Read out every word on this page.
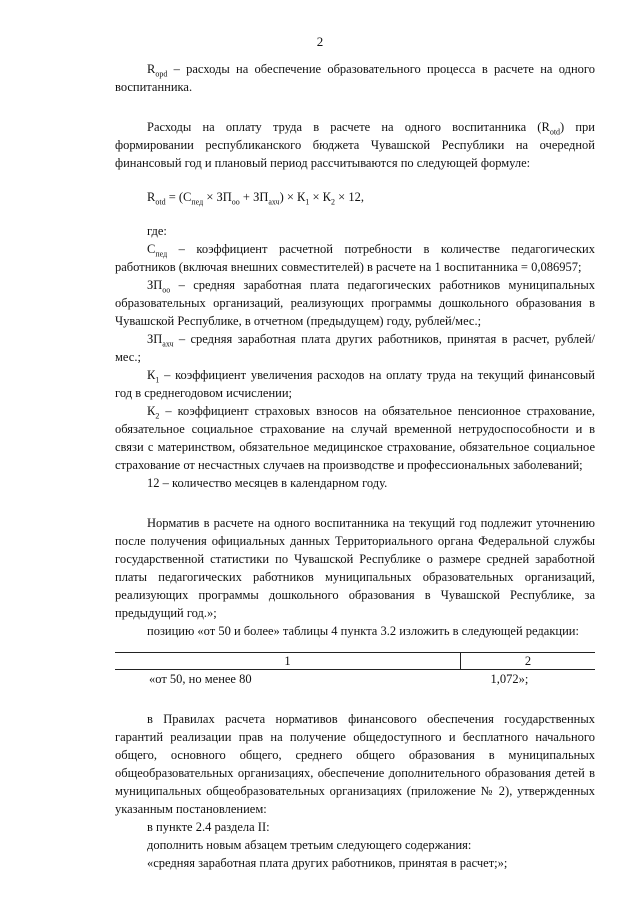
2

$R_{opd}$ – расходы на обеспечение образовательного процесса в расчете на одного воспитанника.

Расходы на оплату труда в расчете на одного воспитанника $(R_{otd})$ при формировании республиканского бюджета Чувашской Республики на очередной финансовый год и плановый период рассчитываются по следующей формуле:

$R_{otd} = (С_{пед} \times ЗП_{оо} + ЗП_{ахч}) \times К_1 \times К_2 \times 12$,

где:

$С_{пед}$ – коэффициент расчетной потребности в количестве педагогических работников (включая внешних совместителей) в расчете на 1 воспитанника = 0,086957;

$ЗП_{оо}$ – средняя заработная плата педагогических работников муниципальных образовательных организаций, реализующих программы дошкольного образования в Чувашской Республике, в отчетном (предыдущем) году, рублей/мес.;

$ЗП_{ахч}$ – средняя заработная плата других работников, принятая в расчет, рублей/мес.;

$К_1$ – коэффициент увеличения расходов на оплату труда на текущий финансовый год в среднегодовом исчислении;

$К_2$ – коэффициент страховых взносов на обязательное пенсионное страхование, обязательное социальное страхование на случай временной нетрудоспособности и в связи с материнством, обязательное медицинское страхование, обязательное социальное страхование от несчастных случаев на производстве и профессиональных заболеваний;

12 – количество месяцев в календарном году.

Норматив в расчете на одного воспитанника на текущий год подлежит уточнению после получения официальных данных Территориального органа Федеральной службы государственной статистики по Чувашской Республике о размере средней заработной платы педагогических работников муниципальных образовательных организаций, реализующих программы дошкольного образования в Чувашской Республике, за предыдущий год.»;

позицию «от 50 и более» таблицы 4 пункта 3.2 изложить в следующей редакции:

1	2
«от 50, но менее 80	1,072»;

в Правилах расчета нормативов финансового обеспечения государственных гарантий реализации прав на получение общедоступного и бесплатного начального общего, основного общего, среднего общего образования в муниципальных общеобразовательных организациях, обеспечение дополнительного образования детей в муниципальных общеобразовательных организациях (приложение № 2), утвержденных указанным постановлением:

в пункте 2.4 раздела II:

дополнить новым абзацем третьим следующего содержания:

«средняя заработная плата других работников, принятая в расчет;»;
